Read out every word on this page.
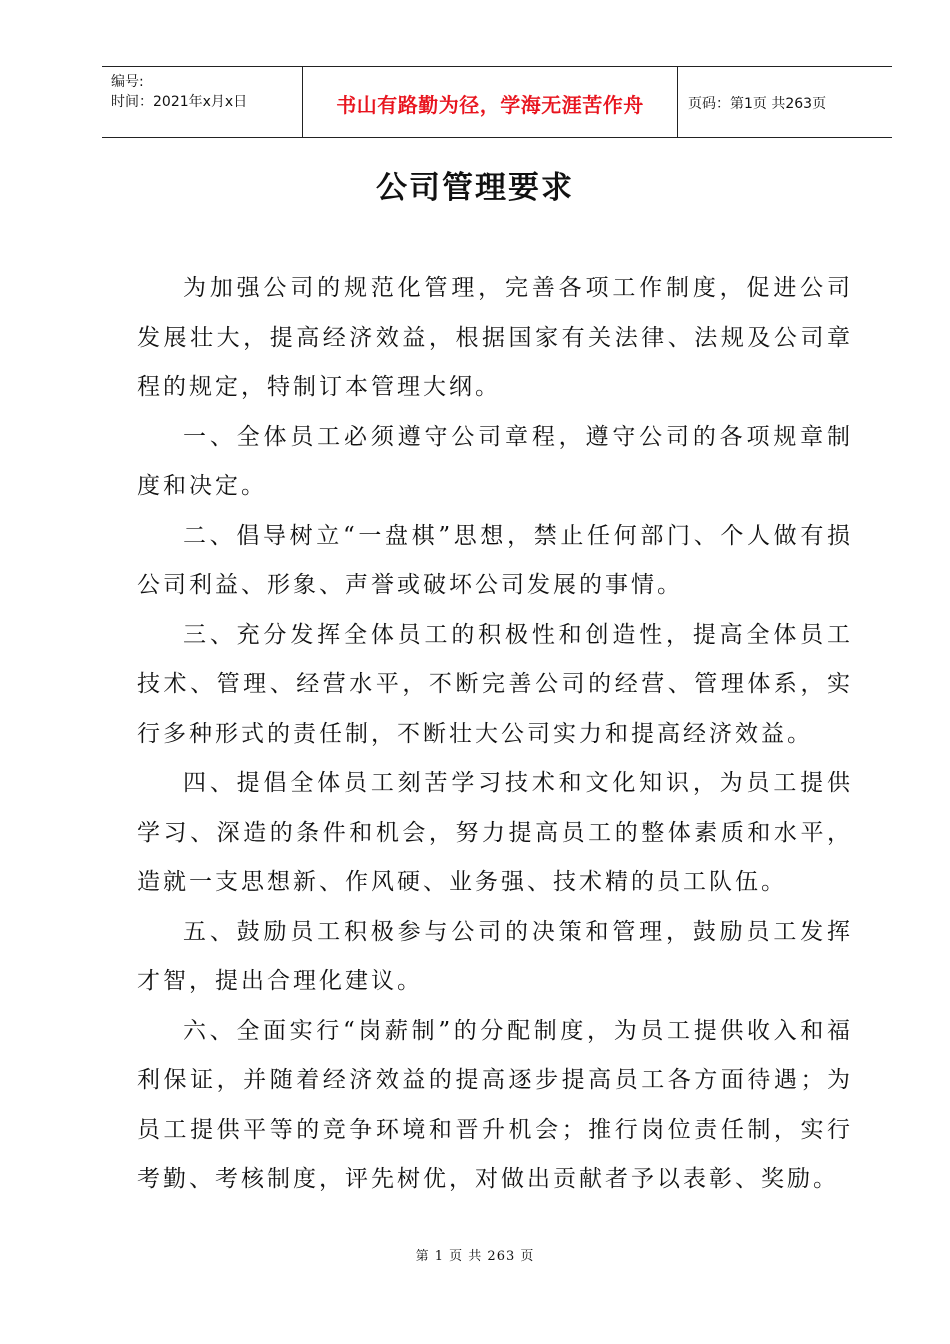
编号:
时间：2021年x月x日	书山有路勤为径，学海无涯苦作舟	页码：第1页 共263页
公司管理要求

为加强公司的规范化管理，完善各项工作制度，促进公司发展壮大，提高经济效益，根据国家有关法律、法规及公司章程的规定，特制订本管理大纲。

一、全体员工必须遵守公司章程，遵守公司的各项规章制度和决定。

二、倡导树立“一盘棋”思想，禁止任何部门、个人做有损公司利益、形象、声誉或破坏公司发展的事情。

三、充分发挥全体员工的积极性和创造性，提高全体员工技术、管理、经营水平，不断完善公司的经营、管理体系，实行多种形式的责任制，不断壮大公司实力和提高经济效益。

四、提倡全体员工刻苦学习技术和文化知识，为员工提供学习、深造的条件和机会，努力提高员工的整体素质和水平，造就一支思想新、作风硬、业务强、技术精的员工队伍。

五、鼓励员工积极参与公司的决策和管理，鼓励员工发挥才智，提出合理化建议。

六、全面实行“岗薪制”的分配制度，为员工提供收入和福利保证，并随着经济效益的提高逐步提高员工各方面待遇；为员工提供平等的竞争环境和晋升机会；推行岗位责任制，实行考勤、考核制度，评先树优，对做出贡献者予以表彰、奖励。

第 1 页 共 263 页
